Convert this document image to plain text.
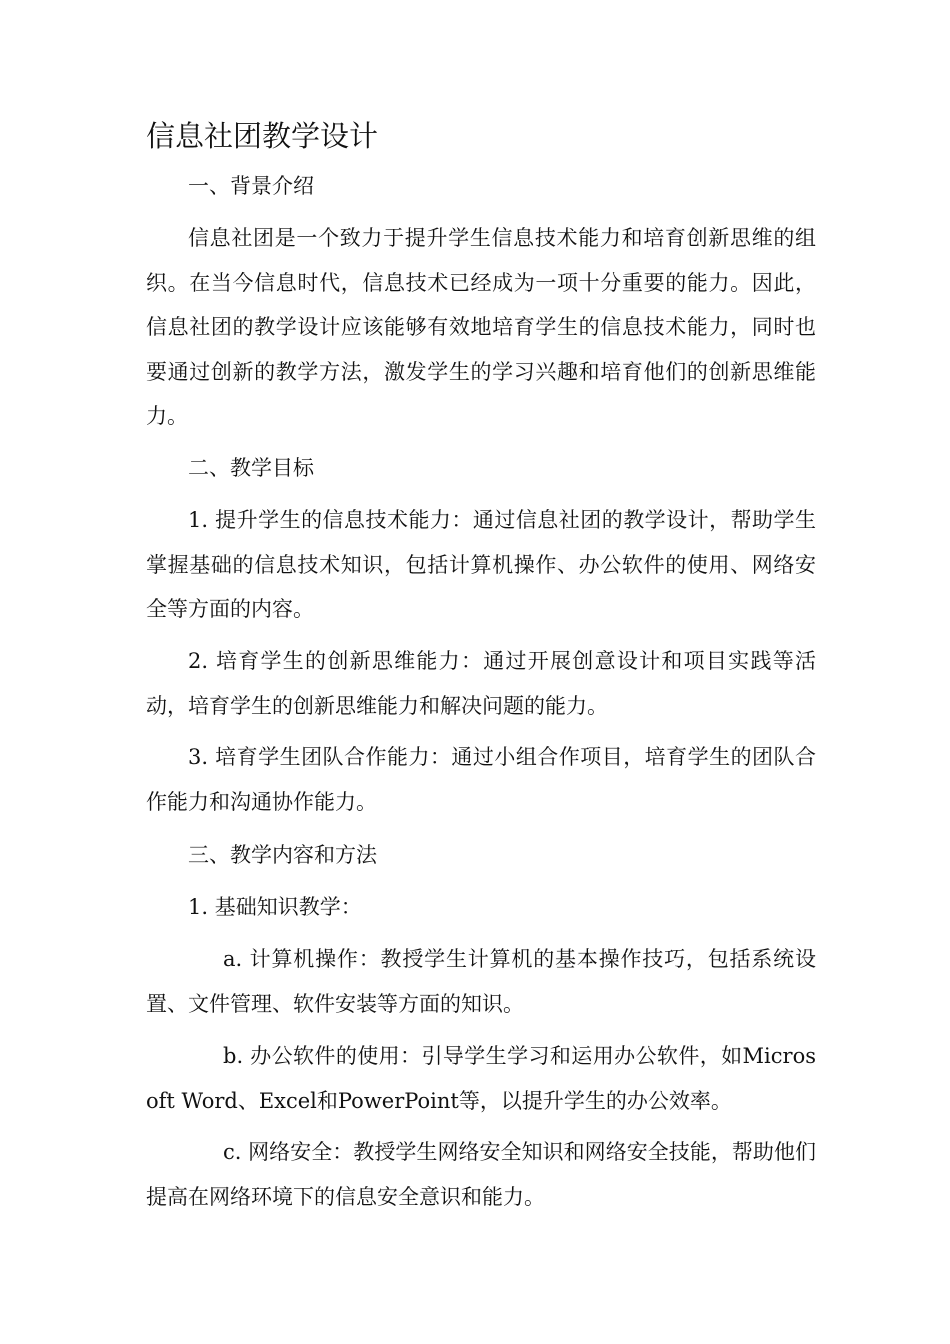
信息社团教学设计

一、背景介绍

信息社团是一个致力于提升学生信息技术能力和培育创新思维的组织。在当今信息时代，信息技术已经成为一项十分重要的能力。因此，信息社团的教学设计应该能够有效地培育学生的信息技术能力，同时也要通过创新的教学方法，激发学生的学习兴趣和培育他们的创新思维能力。

二、教学目标

1. 提升学生的信息技术能力：通过信息社团的教学设计，帮助学生掌握基础的信息技术知识，包括计算机操作、办公软件的使用、网络安全等方面的内容。

2. 培育学生的创新思维能力：通过开展创意设计和项目实践等活动，培育学生的创新思维能力和解决问题的能力。

3. 培育学生团队合作能力：通过小组合作项目，培育学生的团队合作能力和沟通协作能力。

三、教学内容和方法

1. 基础知识教学：

a. 计算机操作：教授学生计算机的基本操作技巧，包括系统设置、文件管理、软件安装等方面的知识。

b. 办公软件的使用：引导学生学习和运用办公软件，如Microsoft Word、Excel和PowerPoint等，以提升学生的办公效率。

c. 网络安全：教授学生网络安全知识和网络安全技能，帮助他们提高在网络环境下的信息安全意识和能力。
